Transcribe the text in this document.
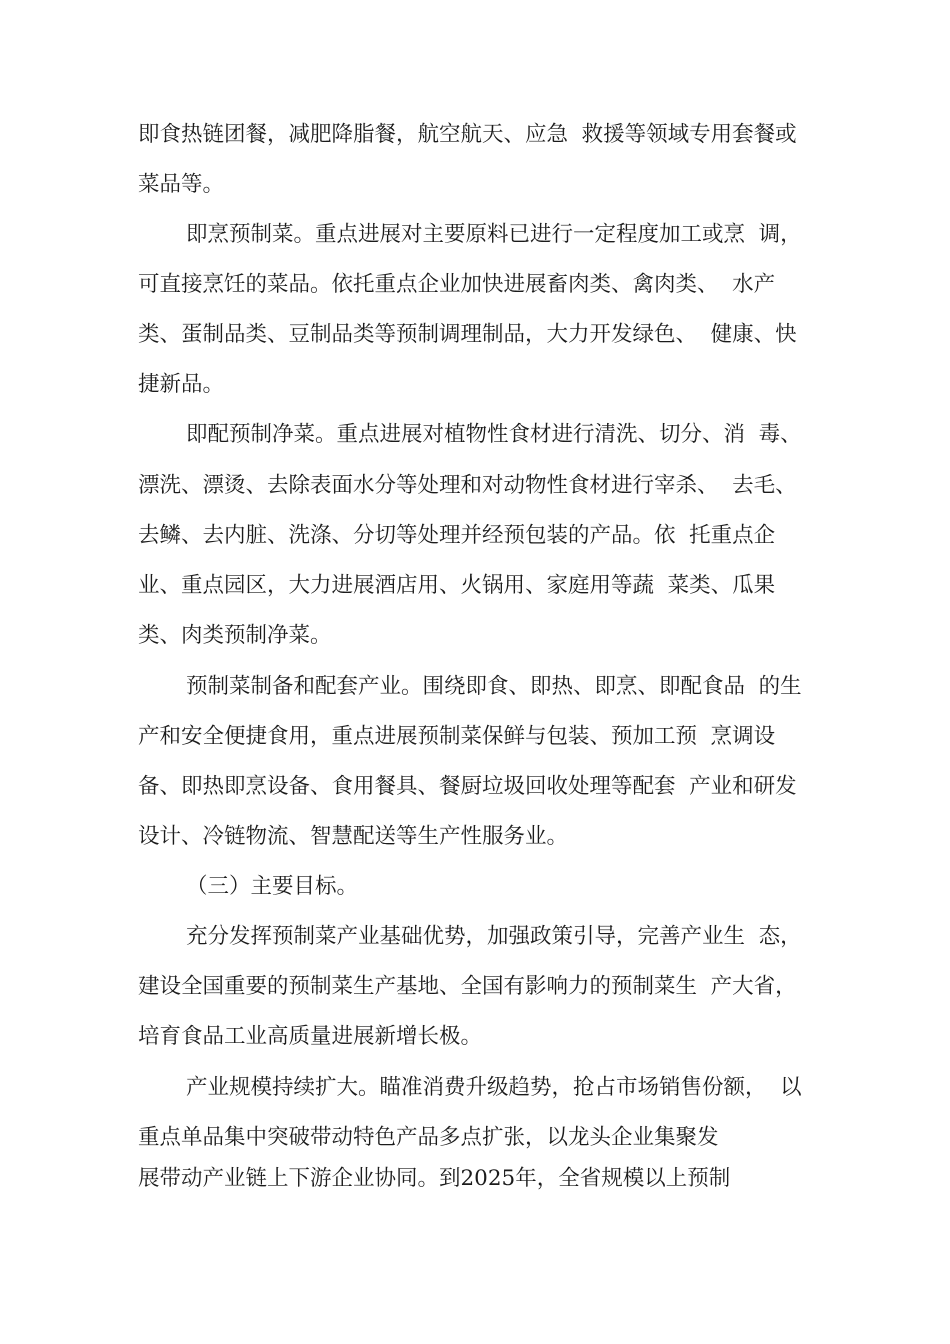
即食热链团餐，减肥降脂餐，航空航天、应急  救援等领域专用套餐或

菜品等。

即烹预制菜。重点进展对主要原料已进行一定程度加工或烹  调，

可直接烹饪的菜品。依托重点企业加快进展畜肉类、禽肉类、  水产

类、蛋制品类、豆制品类等预制调理制品，大力开发绿色、  健康、快

捷新品。

即配预制净菜。重点进展对植物性食材进行清洗、切分、消  毒、

漂洗、漂烫、去除表面水分等处理和对动物性食材进行宰杀、  去毛、

去鳞、去内脏、洗涤、分切等处理并经预包装的产品。依  托重点企

业、重点园区，大力进展酒店用、火锅用、家庭用等蔬  菜类、瓜果

类、肉类预制净菜。

预制菜制备和配套产业。围绕即食、即热、即烹、即配食品  的生

产和安全便捷食用，重点进展预制菜保鲜与包装、预加工预  烹调设

备、即热即烹设备、食用餐具、餐厨垃圾回收处理等配套  产业和研发

设计、冷链物流、智慧配送等生产性服务业。

（三）主要目标。

充分发挥预制菜产业基础优势，加强政策引导，完善产业生  态，

建设全国重要的预制菜生产基地、全国有影响力的预制菜生  产大省，

培育食品工业高质量进展新增长极。

产业规模持续扩大。瞄准消费升级趋势，抢占市场销售份额，  以

重点单品集中突破带动特色产品多点扩张，以龙头企业集聚发

展带动产业链上下游企业协同。到2025年，全省规模以上预制
